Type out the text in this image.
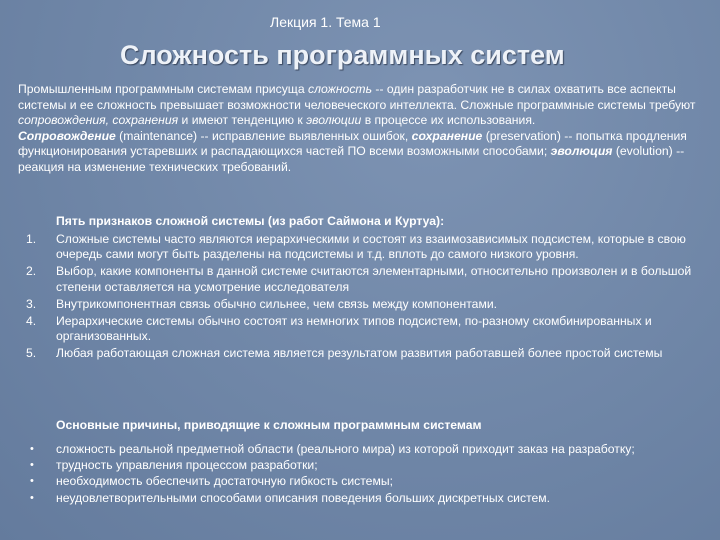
Лекция 1. Тема 1
Сложность программных систем

Промышленным программным системам присуща сложность -- один разработчик не в силах охватить все аспекты системы и ее сложность превышает возможности человеческого интеллекта. Сложные программные системы требуют сопровождения, сохранения и имеют тенденцию к эволюции в процессе их использования.

Сопровождение (maintenance) -- исправление выявленных ошибок, сохранение (preservation) -- попытка продления функционирования устаревших и распадающихся частей ПО всеми возможными способами; эволюция (evolution) -- реакция на изменение технических требований.

Пять признаков сложной системы (из работ Саймона и Куртуа):
1.	Сложные системы часто являются иерархическими и состоят из взаимозависимых подсистем, которые в свою очередь сами могут быть разделены на подсистемы и т.д. вплоть до самого низкого уровня.
2.	Выбор, какие компоненты в данной системе считаются элементарными, относительно произволен и в большой степени оставляется на усмотрение исследователя
3.	Внутрикомпонентная связь обычно сильнее, чем связь между компонентами.
4.	Иерархические системы обычно состоят из немногих типов подсистем, по-разному скомбинированных и организованных.
5.	Любая работающая сложная система является результатом развития работавшей более простой системы
Основные причины, приводящие к сложным программным системам
• сложность реальной предметной области (реального мира) из которой приходит заказ на разработку;
• трудность управления процессом разработки;
• необходимость обеспечить достаточную гибкость системы;
• неудовлетворительными способами описания поведения больших дискретных систем.
